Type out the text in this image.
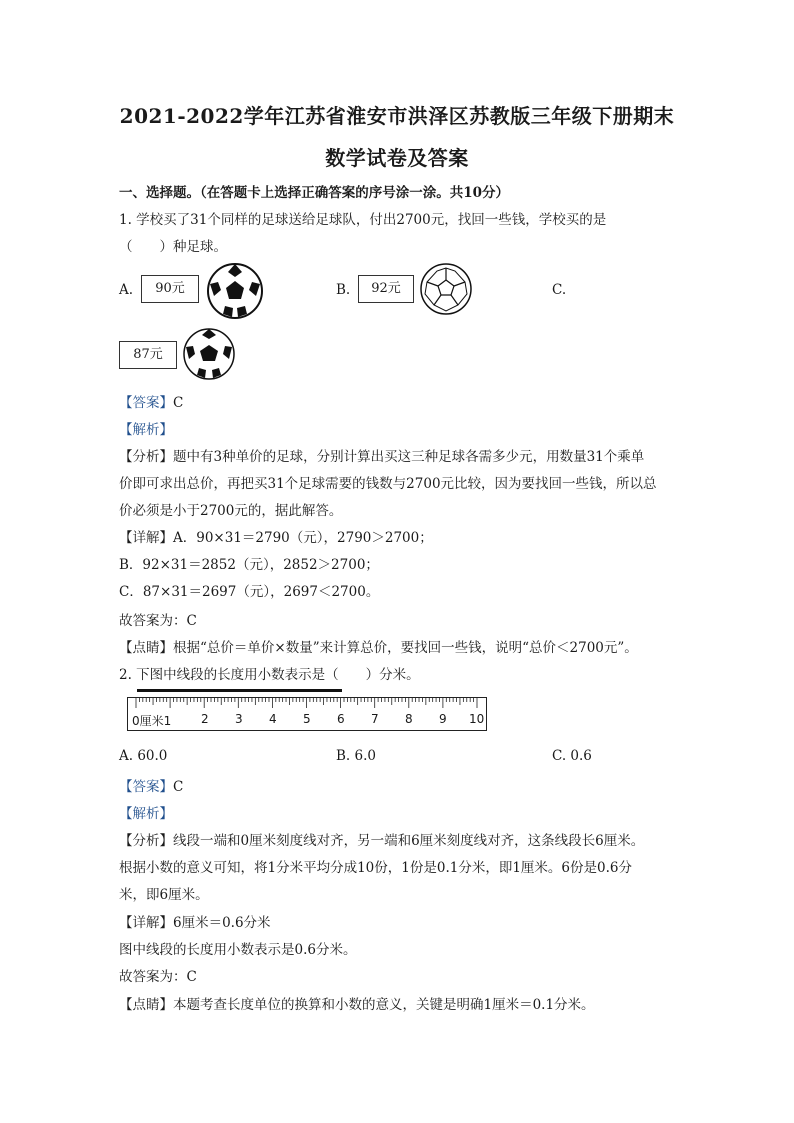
2021-2022学年江苏省淮安市洪泽区苏教版三年级下册期末
数学试卷及答案
一、选择题。（在答题卡上选择正确答案的序号涂一涂。共10分）
1. 学校买了31个同样的足球送给足球队，付出2700元，找回一些钱，学校买的是
（　　）种足球。
A.	90元	B.	92元	C.
87元
【答案】C
【解析】
【分析】题中有3种单价的足球，分别计算出买这三种足球各需多少元，用数量31个乘单
价即可求出总价，再把买31个足球需要的钱数与2700元比较，因为要找回一些钱，所以总
价必须是小于2700元的，据此解答。
【详解】A．90×31＝2790（元），2790＞2700；
B．92×31＝2852（元），2852＞2700；
C．87×31＝2697（元），2697＜2700。
故答案为：C
【点睛】根据“总价＝单价×数量”来计算总价，要找回一些钱，说明“总价＜2700元”。
2. 下图中线段的长度用小数表示是（　　）分米。
0厘米1 2 3 4 5 6 7 8 9 10
A. 60.0	B. 6.0	C. 0.6
【答案】C
【解析】
【分析】线段一端和0厘米刻度线对齐，另一端和6厘米刻度线对齐，这条线段长6厘米。
根据小数的意义可知，将1分米平均分成10份，1份是0.1分米，即1厘米。6份是0.6分
米，即6厘米。
【详解】6厘米＝0.6分米
图中线段的长度用小数表示是0.6分米。
故答案为：C
【点睛】本题考查长度单位的换算和小数的意义，关键是明确1厘米＝0.1分米。
